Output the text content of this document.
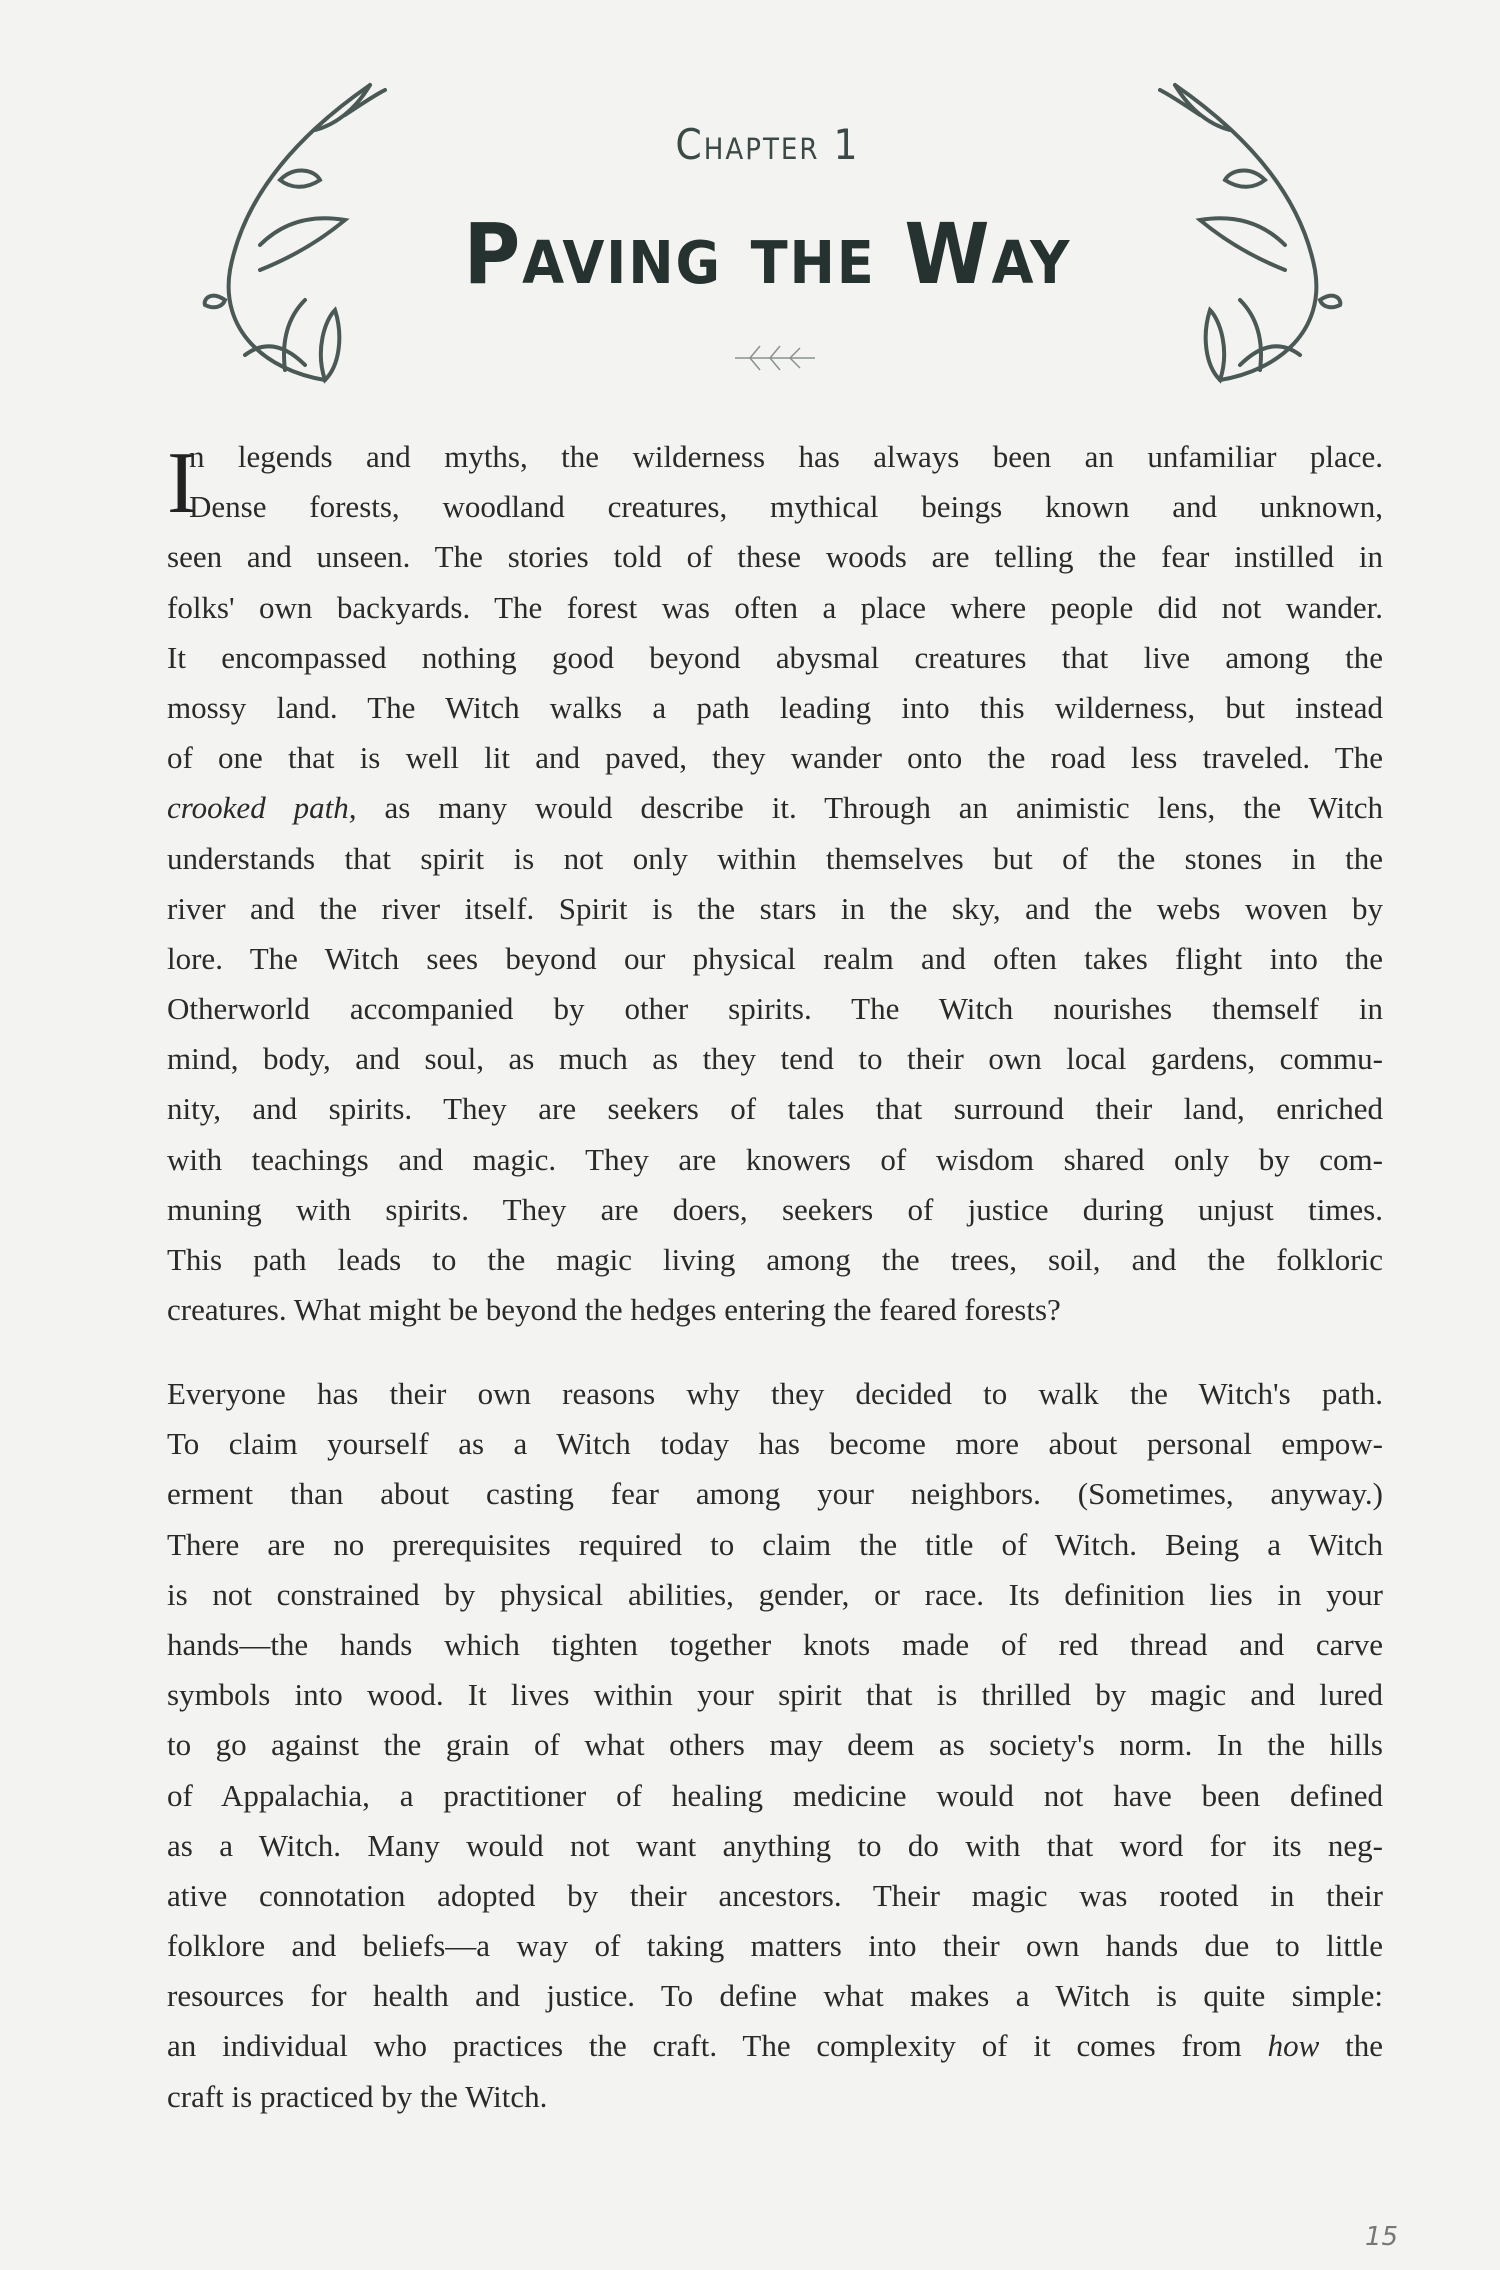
Chapter 1
Paving the Way
I
n legends and myths, the wilderness has always been an unfamiliar place.
Dense forests, woodland creatures, mythical beings known and unknown,
seen and unseen. The stories told of these woods are telling the fear instilled in
folks' own backyards. The forest was often a place where people did not wander.
It encompassed nothing good beyond abysmal creatures that live among the
mossy land. The Witch walks a path leading into this wilderness, but instead
of one that is well lit and paved, they wander onto the road less traveled. The
crooked path, as many would describe it. Through an animistic lens, the Witch
understands that spirit is not only within themselves but of the stones in the
river and the river itself. Spirit is the stars in the sky, and the webs woven by
lore. The Witch sees beyond our physical realm and often takes flight into the
Otherworld accompanied by other spirits. The Witch nourishes themself in
mind, body, and soul, as much as they tend to their own local gardens, commu-
nity, and spirits. They are seekers of tales that surround their land, enriched
with teachings and magic. They are knowers of wisdom shared only by com-
muning with spirits. They are doers, seekers of justice during unjust times.
This path leads to the magic living among the trees, soil, and the folkloric
creatures. What might be beyond the hedges entering the feared forests?
Everyone has their own reasons why they decided to walk the Witch's path.
To claim yourself as a Witch today has become more about personal empow-
erment than about casting fear among your neighbors. (Sometimes, anyway.)
There are no prerequisites required to claim the title of Witch. Being a Witch
is not constrained by physical abilities, gender, or race. Its definition lies in your
hands—the hands which tighten together knots made of red thread and carve
symbols into wood. It lives within your spirit that is thrilled by magic and lured
to go against the grain of what others may deem as society's norm. In the hills
of Appalachia, a practitioner of healing medicine would not have been defined
as a Witch. Many would not want anything to do with that word for its neg-
ative connotation adopted by their ancestors. Their magic was rooted in their
folklore and beliefs—a way of taking matters into their own hands due to little
resources for health and justice. To define what makes a Witch is quite simple:
an individual who practices the craft. The complexity of it comes from how the
craft is practiced by the Witch.
15
